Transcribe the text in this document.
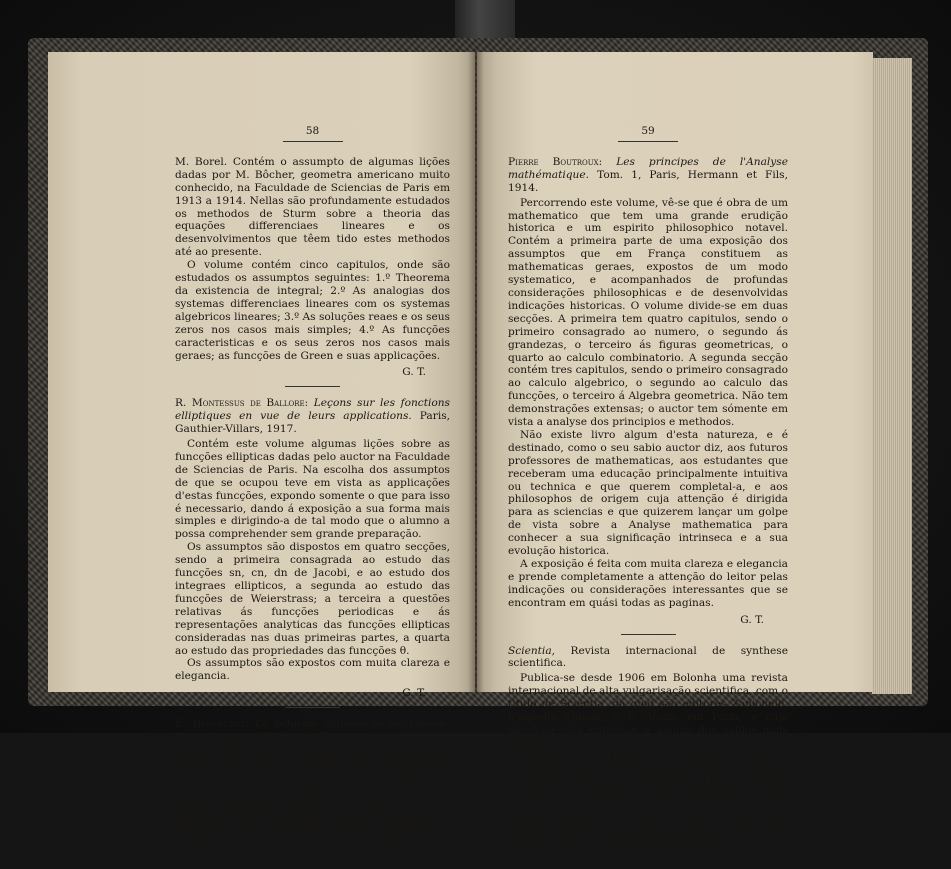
58

M. Borel. Contém o assumpto de algumas lições dadas por M. Bôcher, geometra americano muito conhecido, na Faculdade de Sciencias de Paris em 1913 a 1914. Nellas são profundamente estudados os methodos de Sturm sobre a theoria das equações differenciaes lineares e os desenvolvimentos que têem tido estes methodos até ao presente.

O volume contém cinco capitulos, onde são estudados os assumptos seguintes: 1.º Theorema da existencia de integral; 2.º As analogias dos systemas differenciaes lineares com os systemas algebricos lineares; 3.º As soluções reaes e os seus zeros nos casos mais simples; 4.º As funcções caracteristicas e os seus zeros nos casos mais geraes; as funcções de Green e suas applicações.

G. T.

R. Montessus de Ballore: Leçons sur les fonctions elliptiques en vue de leurs applications. Paris, Gauthier-Villars, 1917.

Contém este volume algumas lições sobre as funcções ellipticas dadas pelo auctor na Faculdade de Sciencias de Paris. Na escolha dos assumptos de que se ocupou teve em vista as applicações d'estas funcções, expondo somente o que para isso é necessario, dando á exposição a sua forma mais simples e dirigindo-a de tal modo que o alumno a possa comprehender sem grande preparação.

Os assumptos são dispostos em quatro secções, sendo a primeira consagrada ao estudo das funcções sn, cn, dn de Jacobi, e ao estudo dos integraes ellipticos, a segunda ao estudo das funcções de Weierstrass; a terceira a questões relativas ás funcções periodicas e ás representações analyticas das funcções ellipticas consideradas nas duas primeiras partes, a quarta ao estudo das propriedades das funcções θ.

Os assumptos são expostos com muita clareza e elegancia.

G. T.

E. Désortiaux: La reforme rationnelle de l'heure. Paris, Gauthier-Villars, 1917.

Este opusculo é consagrado á questão, actualmente muito debatida, da contagem do tempo. O auctor entende que se deve reformar o modo de contar o tempo, de maneira que os relogios marquem sempre a mesma hora ao nascer do Sol. Indica meios para conseguir isto, occupa-se das vantagens d'este systema e responde ás objecções a que pode dar logar.

G. T.
59

Pierre Boutroux: Les principes de l'Analyse mathématique. Tom. 1, Paris, Hermann et Fils, 1914.

Percorrendo este volume, vê-se que é obra de um mathematico que tem uma grande erudição historica e um espirito philosophico notavel. Contém a primeira parte de uma exposição dos assumptos que em França constituem as mathematicas geraes, expostos de um modo systematico, e acompanhados de profundas considerações philosophicas e de desenvolvidas indicações historicas. O volume divide-se em duas secções. A primeira tem quatro capitulos, sendo o primeiro consagrado ao numero, o segundo ás grandezas, o terceiro ás figuras geometricas, o quarto ao calculo combinatorio. A segunda secção contém tres capitulos, sendo o primeiro consagrado ao calculo algebrico, o segundo ao calculo das funcções, o terceiro á Algebra geometrica. Não tem demonstrações extensas; o auctor tem sómente em vista a analyse dos principios e methodos.

Não existe livro algum d'esta natureza, e é destinado, como o seu sabio auctor diz, aos futuros professores de mathematicas, aos estudantes que receberam uma educação principalmente intuitiva ou technica e que querem completal-a, e aos philosophos de origem cuja attenção é dirigida para as sciencias e que quizerem lançar um golpe de vista sobre a Analyse mathematica para conhecer a sua significação intrinseca e a sua evolução historica.

A exposição é feita com muita clareza e elegancia e prende completamente a attenção do leitor pelas indicações ou considerações interessantes que se encontram em quási todas as paginas.

G. T.

Scientia, Revista internacional de synthese scientifica.

Publica-se desde 1906 em Bolonha uma revista internacional de alta vulgarisação scientifica, com o titulo de Scientia, da qual são editores Zanichelli, n'aquella cidade, e F. Alcan, em Paris, e cuja direcção está entregue a alguns dos sabios mais illustres da Italia (G. Bruni, A. Dionisi, F. Enriques, A. Giardina e E. Rignano). É consagrada a todas as sciencias, desde as mathematicas até á sociologia, e sobre ellas tem publicado artigos notaveis assignados por sabios da maior reputação de todos os paizes, tendo assim adquirido uma situação que revista alguma da mesma natureza até hoje attingiu. Não se occupa de questões de natureza especial, mas sim de assumptos geraes,
